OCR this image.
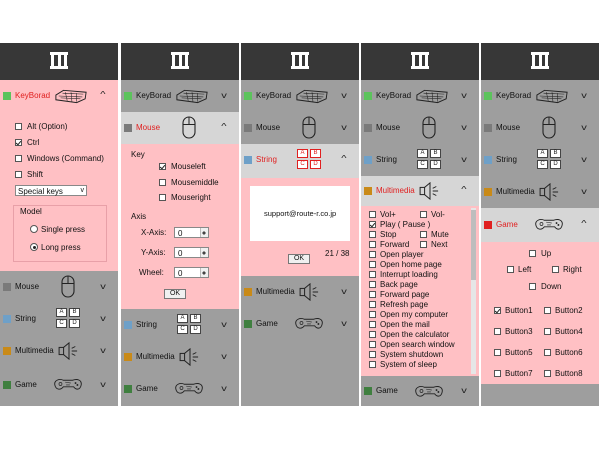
KeyBorad	^
Alt (Option)
Ctrl
Windows (Command)
Shift
Special keys	v
Model
Single press
Long press
Mouse	v
String
A	B
C	D	v
Multimedia	v
Game	v
KeyBorad	v
Mouse	^
Key
Mouseleft
Mousemiddle
Mouseright
Axis
X-Axis: 0
Y-Axis: 0
Wheel: 0
OK
String
A	B
C	D	v
Multimedia	v
Game	v
KeyBorad	v
Mouse	v
String
A	B
C	D
^
support@route-r.co.jp
21 / 38
OK
Multimedia	v
Game	v
KeyBorad	v
Mouse	v
String
A	B
C	D	v
Multimedia	^
Vol+	Vol-
Play ( Pause )
Stop	Mute
Forward	Next
Open player
Open home page
Interrupt loading
Back page
Forward page
Refresh page
Open my computer
Open the mail
Open the calculator
Open search window
System shutdown
System of sleep
Game	v
KeyBorad	v
Mouse	v
String
A	B
C	D	v
Multimedia	v
Game	^
Up
Left	Right
Down
Button1	Button2
Button3	Button4
Button5	Button6
Button7	Button8
